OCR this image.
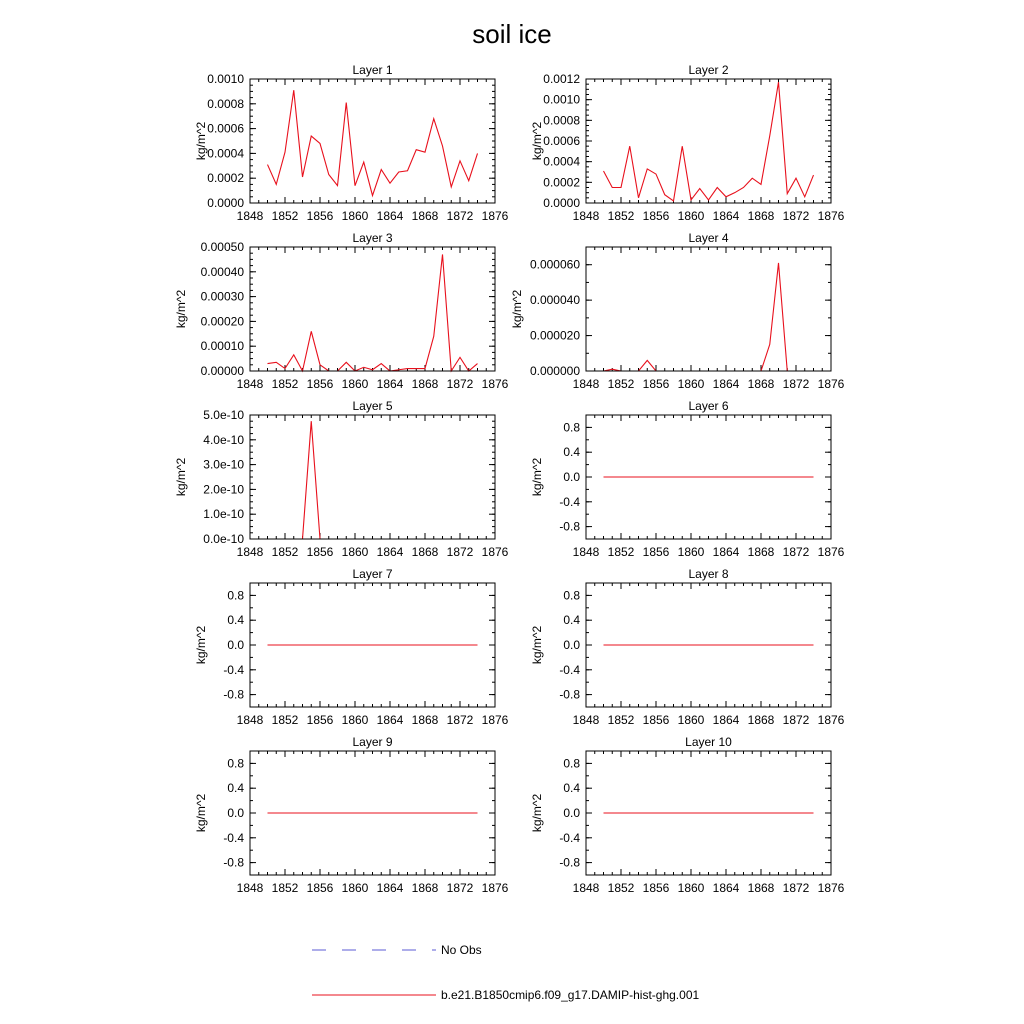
soil ice
Layer 1
1848 1852 1856 1860 1864 1868 1872 1876
0.0000
0.0002
0.0004
0.0006
0.0008
0.0010
kg/m^2
Layer 2
1848 1852 1856 1860 1864 1868 1872 1876
0.0000
0.0002
0.0004
0.0006
0.0008
0.0010
0.0012
kg/m^2
Layer 3
1848 1852 1856 1860 1864 1868 1872 1876
0.00000
0.00010
0.00020
0.00030
0.00040
0.00050
kg/m^2
Layer 4
1848 1852 1856 1860 1864 1868 1872 1876
0.000000
0.000020
0.000040
0.000060
kg/m^2
Layer 5
1848 1852 1856 1860 1864 1868 1872 1876
0.0e-10
1.0e-10
2.0e-10
3.0e-10
4.0e-10
5.0e-10
kg/m^2
Layer 6
1848 1852 1856 1860 1864 1868 1872 1876
-0.8
-0.4
0.0
0.4
0.8
kg/m^2
Layer 7
1848 1852 1856 1860 1864 1868 1872 1876
-0.8
-0.4
0.0
0.4
0.8
kg/m^2
Layer 8
1848 1852 1856 1860 1864 1868 1872 1876
-0.8
-0.4
0.0
0.4
0.8
kg/m^2
Layer 9
1848 1852 1856 1860 1864 1868 1872 1876
-0.8
-0.4
0.0
0.4
0.8
kg/m^2
Layer 10
1848 1852 1856 1860 1864 1868 1872 1876
-0.8
-0.4
0.0
0.4
0.8
kg/m^2
No Obs
b.e21.B1850cmip6.f09_g17.DAMIP-hist-ghg.001
